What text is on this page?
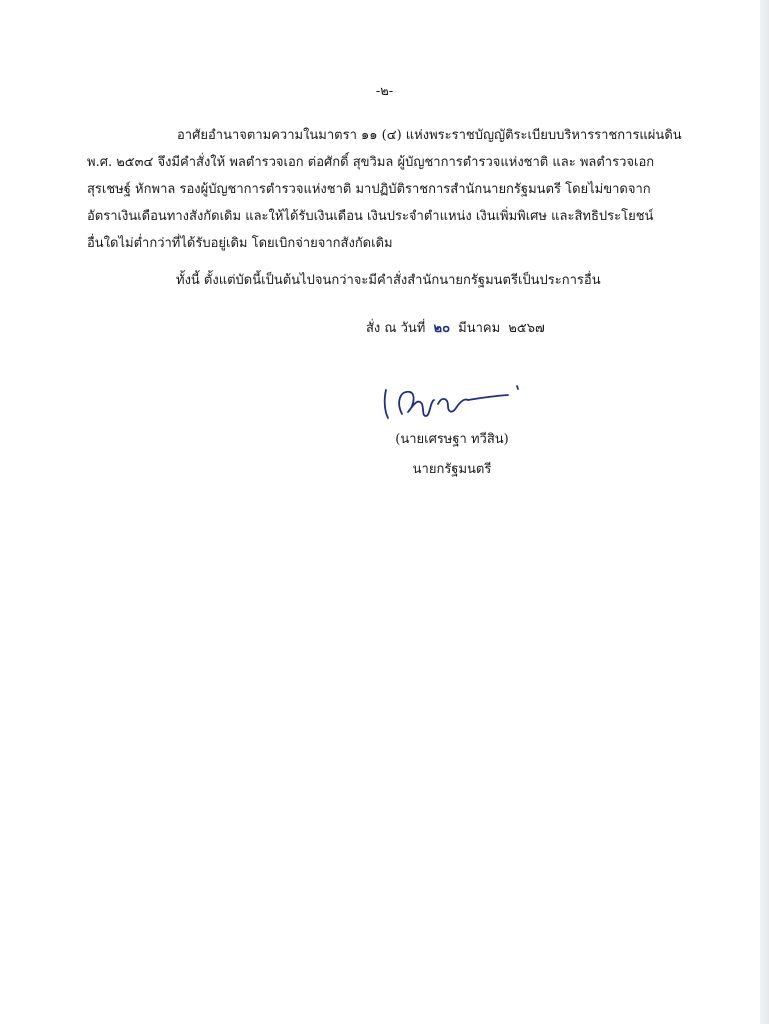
-๒-

อาศัยอำนาจตามความในมาตรา ๑๑ (๔) แห่งพระราชบัญญัติระเบียบบริหารราชการแผ่นดิน
พ.ศ. ๒๕๓๔ จึงมีคำสั่งให้ พลตำรวจเอก ต่อศักดิ์ สุขวิมล ผู้บัญชาการตำรวจแห่งชาติ และ พลตำรวจเอก
สุรเชษฐ์ หักพาล รองผู้บัญชาการตำรวจแห่งชาติ มาปฏิบัติราชการสำนักนายกรัฐมนตรี โดยไม่ขาดจาก
อัตราเงินเดือนทางสังกัดเดิม และให้ได้รับเงินเดือน เงินประจำตำแหน่ง เงินเพิ่มพิเศษ และสิทธิประโยชน์
อื่นใดไม่ต่ำกว่าที่ได้รับอยู่เดิม โดยเบิกจ่ายจากสังกัดเดิม

ทั้งนี้ ตั้งแต่บัดนี้เป็นต้นไปจนกว่าจะมีคำสั่งสำนักนายกรัฐมนตรีเป็นประการอื่น

สั่ง ณ วันที่ ๒๐ มีนาคม ๒๕๖๗
(นายเศรษฐา ทวีสิน)
นายกรัฐมนตรี
